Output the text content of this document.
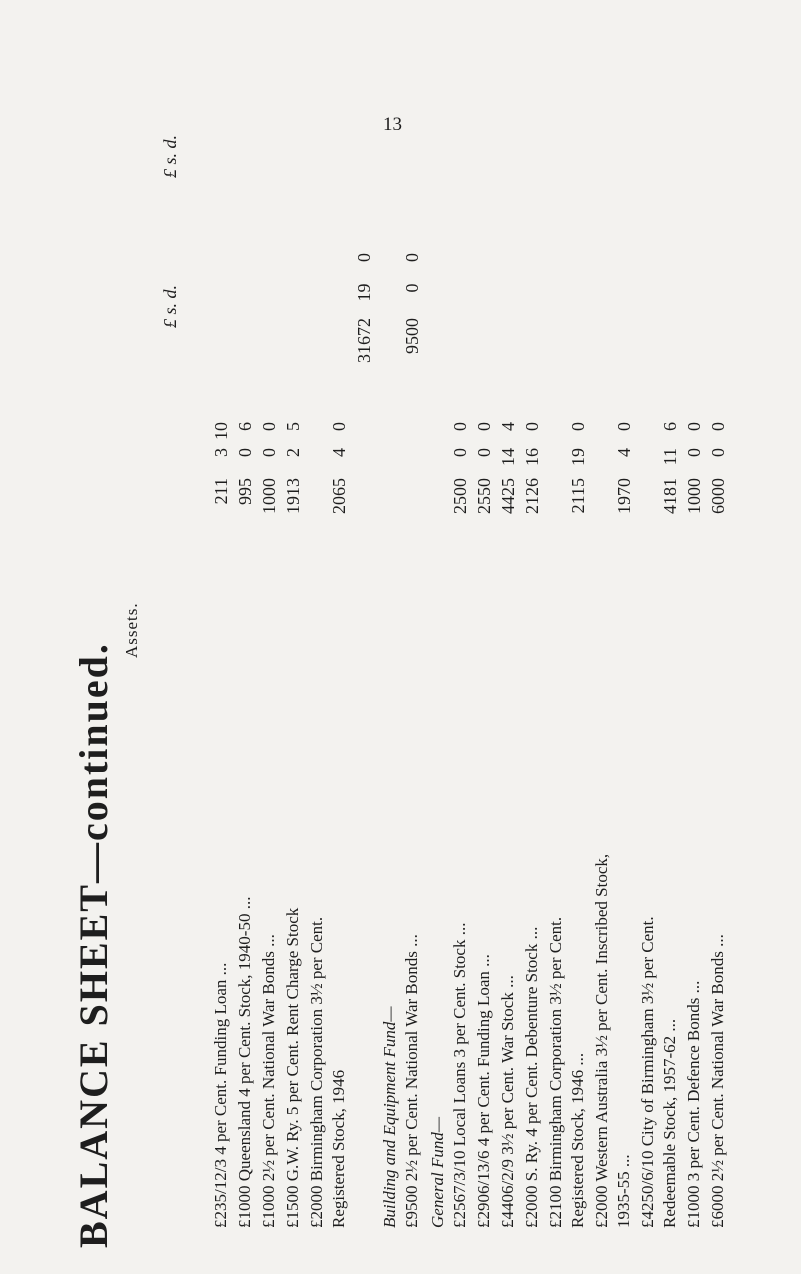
13
BALANCE SHEET—continued.
Assets.
£ s. d.
£ s. d.
£235/12/3 4 per Cent. Funding Loan ...
211310
£1000 Queensland 4 per Cent. Stock, 1940-50 ...
99506
£1000 2½ per Cent. National War Bonds ...
100000
£1500 G.W. Ry. 5 per Cent. Rent Charge Stock
191325
£2000 Birmingham Corporation 3½ per Cent. Registered Stock, 1946
206540
31672 19 0
Building and Equipment Fund— £9500 2½ per Cent. National War Bonds ...
9500 0 0
General Fund— £2567/3/10 Local Loans 3 per Cent. Stock ...
250000
£2906/13/6 4 per Cent. Funding Loan ...
255000
£4406/2/9 3½ per Cent. War Stock ...
4425144
£2000 S. Ry. 4 per Cent. Debenture Stock ...
2126160
£2100 Birmingham Corporation 3½ per Cent. Registered Stock, 1946 ...
2115190
£2000 Western Australia 3½ per Cent. Inscribed Stock, 1935-55 ...
197040
£4250/6/10 City of Birmingham 3½ per Cent. Redeemable Stock, 1957-62 ...
4181116
£1000 3 per Cent. Defence Bonds ...
100000
£6000 2½ per Cent. National War Bonds ...
600000
